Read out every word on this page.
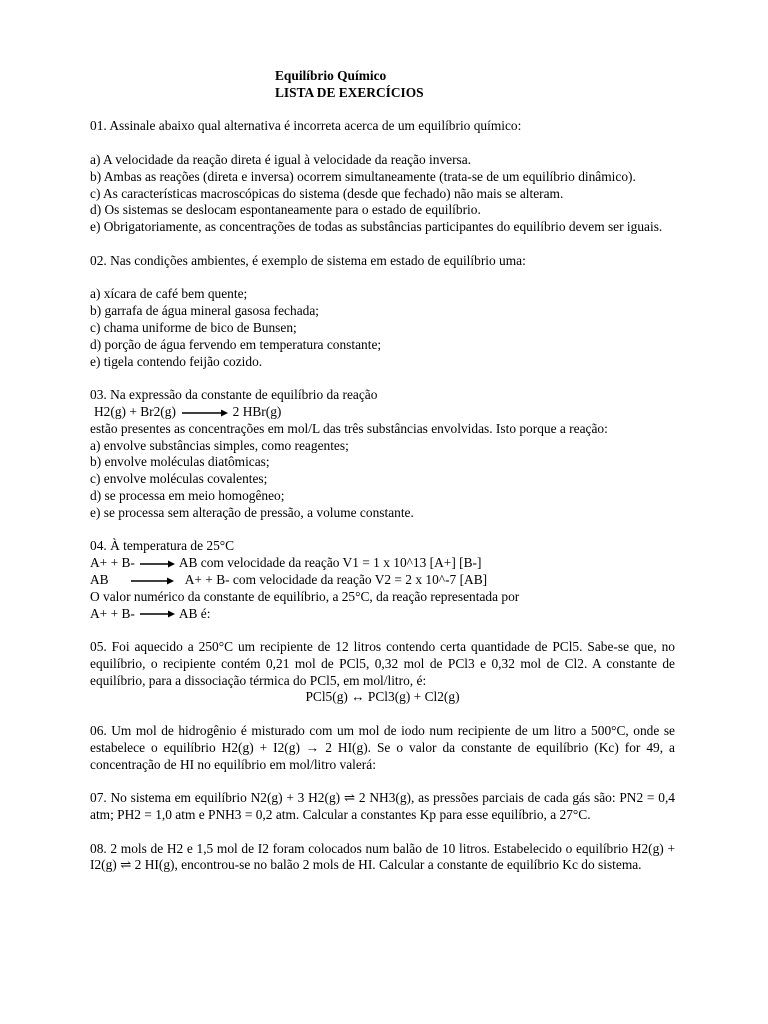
Equilíbrio Químico
LISTA DE EXERCÍCIOS

01. Assinale abaixo qual alternativa é incorreta acerca de um equilíbrio químico:

a) A velocidade da reação direta é igual à velocidade da reação inversa.

b) Ambas as reações (direta e inversa) ocorrem simultaneamente (trata-se de um equilíbrio dinâmico).

c) As características macroscópicas do sistema (desde que fechado) não mais se alteram.

d) Os sistemas se deslocam espontaneamente para o estado de equilíbrio.

e) Obrigatoriamente, as concentrações de todas as substâncias participantes do equilíbrio devem ser iguais.

02. Nas condições ambientes, é exemplo de sistema em estado de equilíbrio uma:

a) xícara de café bem quente;

b) garrafa de água mineral gasosa fechada;

c) chama uniforme de bico de Bunsen;

d) porção de água fervendo em temperatura constante;

e) tigela contendo feijão cozido.

03. Na expressão da constante de equilíbrio da reação

H2(g) + Br2(g) → 2 HBr(g)

estão presentes as concentrações em mol/L das três substâncias envolvidas. Isto porque a reação:

a) envolve substâncias simples, como reagentes;

b) envolve moléculas diatômicas;

c) envolve moléculas covalentes;

d) se processa em meio homogêneo;

e) se processa sem alteração de pressão, a volume constante.

04. À temperatura de 25°C

A+ + B- → AB com velocidade da reação V1 = 1 x 10^13 [A+] [B-]

AB → A+ + B- com velocidade da reação V2 = 2 x 10^-7 [AB]

O valor numérico da constante de equilíbrio, a 25°C, da reação representada por

A+ + B- → AB é:

05. Foi aquecido a 250°C um recipiente de 12 litros contendo certa quantidade de PCl5. Sabe-se que, no equilíbrio, o recipiente contém 0,21 mol de PCl5, 0,32 mol de PCl3 e 0,32 mol de Cl2. A constante de equilíbrio, para a dissociação térmica do PCl5, em mol/litro, é:

PCl5(g) ↔ PCl3(g) + Cl2(g)

06. Um mol de hidrogênio é misturado com um mol de iodo num recipiente de um litro a 500°C, onde se estabelece o equilíbrio H2(g) + I2(g) → 2 HI(g). Se o valor da constante de equilíbrio (Kc) for 49, a concentração de HI no equilíbrio em mol/litro valerá:

07. No sistema em equilíbrio N2(g) + 3 H2(g) ⇌ 2 NH3(g), as pressões parciais de cada gás são: PN2 = 0,4 atm; PH2 = 1,0 atm e PNH3 = 0,2 atm. Calcular a constantes Kp para esse equilíbrio, a 27°C.

08. 2 mols de H2 e 1,5 mol de I2 foram colocados num balão de 10 litros. Estabelecido o equilíbrio H2(g) + I2(g) ⇌ 2 HI(g), encontrou-se no balão 2 mols de HI. Calcular a constante de equilíbrio Kc do sistema.
